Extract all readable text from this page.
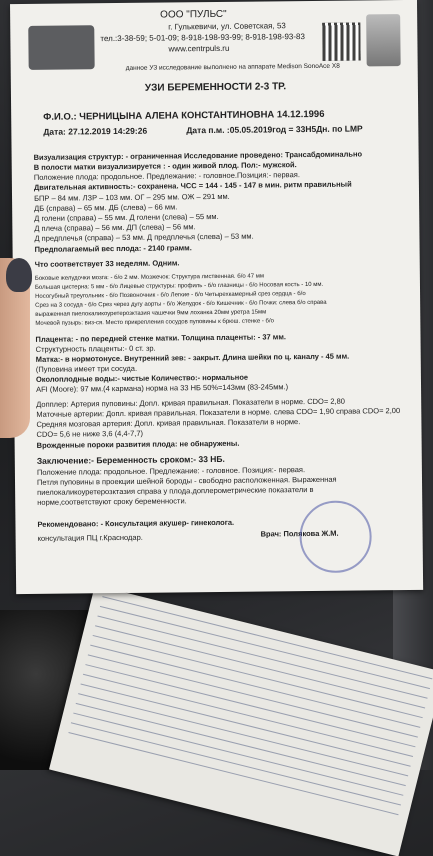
ООО "ПУЛЬС"
г. Гулькевичи, ул. Советская, 53
тел.:3-38-59; 5-01-09; 8-918-198-93-99; 8-918-198-93-83
www.centrpuls.ru
данное УЗ исследование выполнено на аппарате Medison SonoAce X8
УЗИ БЕРЕМЕННОСТИ 2-3 ТР.
Ф.И.О.: ЧЕРНИЦЫНА АЛЕНА КОНСТАНТИНОВНА 14.12.1996
Дата: 27.12.2019 14:29:26	Дата п.м. :05.05.2019год = 33Н5Дн. по LMP
Визуализация структур: - ограниченная Исследование проведено: Трансабдоминально
В полости матки визуализируется : - один живой плод. Пол:- мужской.
Положение плода: продольное. Предлежание: - головное.Позиция:- первая.
Двигательная активность:- сохранена. ЧСС = 144 - 145 - 147 в мин. ритм правильный
БПР – 84 мм. ЛЗР – 103 мм. ОГ – 295 мм. ОЖ – 291 мм.
ДБ (справа) – 65 мм. ДБ (слева) – 66 мм.
Д голени (справа) – 55 мм. Д голени (слева) – 55 мм.
Д плеча (справа) – 56 мм. ДП (слева) – 56 мм.
Д предплечья (справа) – 53 мм. Д предплечья (слева) – 53 мм.
Предполагаемый вес плода: - 2140 грамм.
Что соответствует 33 неделям. Одним.
Боковые желудочки мозга: - б/о 2 мм. Мозжечок: Структура лиственная. б/о 47 мм
Большая цистерна: 5 мм - б/о Лицевые структуры: профиль - б/о глазницы - б/о Носовая кость - 10 мм.
Носогубный треугольник - б/о Позвоночник - б/о Легкие - б/о Четырехкамерный срез сердца - б/о
Срез на 3 сосуда - б/о Срез через дугу аорты - б/о Желудок - б/о Кишечник - б/о Почки: слева б/о справа
выраженная пиелокаликоуретерозктазия чашечки 9мм лоханка 20мм уретра 15мм
Мочевой пузырь: виз-ся. Место прикрепления сосудов пуповины к брюш. стенке - б/о
Плацента: - по передней стенке матки. Толщина плаценты: - 37 мм.
Структурность плаценты:- 0 ст. зр.
Матка:- в нормотонусе. Внутренний зев: - закрыт. Длина шейки по ц. каналу - 45 мм.
(Пуповина имеет три сосуда.
Околоплодные воды:- чистые Количество:- нормальное
AFI (Моore): 97 мм.(4 кармана) норма на 33 НБ 50%=143мм (83-245мм.)
Допплер: Артерия пуповины: Допл. кривая правильная. Показатели в норме. CDO= 2,80
Маточные артерии: Допл. кривая правильная. Показатели в норме. слева CDO= 1,90 справа CDO= 2,00
Средняя мозговая артерия: Допл. кривая правильная. Показатели в норме.
CDO= 5,6 не ниже 3,6 (4,4-7,7)
Врожденные пороки развития плода: не обнаружены.
Заключение:- Беременность сроком:- 33 НБ.
Положение плода: продольное. Предлежание: - головное. Позиция:- первая.
Петля пуповины в проекции шейной бороды - свободно расположенная. Выраженная
пиелокаликоуретерозктазия справа у плода.доплерометрические показатели в
норме,соответствуют сроку беременности.
Рекомендовано: - Консультация акушер- гинеколога.
консультация ПЦ г.Краснодар.	Врач: Полякова Ж.М.
